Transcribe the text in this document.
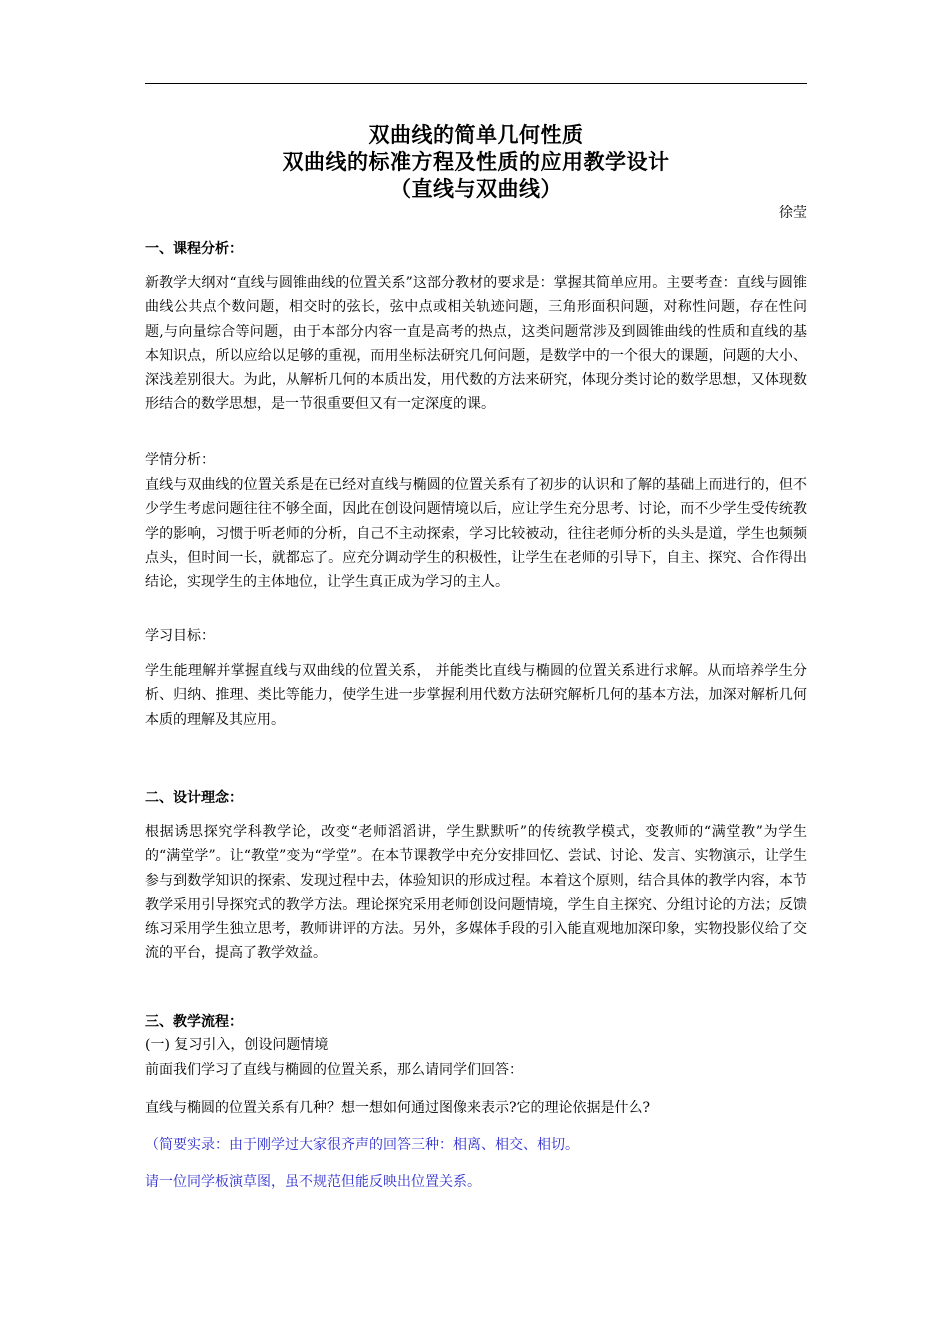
双曲线的简单几何性质
双曲线的标准方程及性质的应用教学设计
（直线与双曲线）
徐莹
一、课程分析：

新教学大纲对“直线与圆锥曲线的位置关系”这部分教材的要求是：掌握其简单应用。主要考查：直线与圆锥曲线公共点个数问题，相交时的弦长，弦中点或相关轨迹问题，三角形面积问题，对称性问题，存在性问题,与向量综合等问题，由于本部分内容一直是高考的热点，这类问题常涉及到圆锥曲线的性质和直线的基本知识点，所以应给以足够的重视，而用坐标法研究几何问题，是数学中的一个很大的课题，问题的大小、深浅差别很大。为此，从解析几何的本质出发，用代数的方法来研究，体现分类讨论的数学思想，又体现数形结合的数学思想，是一节很重要但又有一定深度的课。

学情分析：

直线与双曲线的位置关系是在已经对直线与椭圆的位置关系有了初步的认识和了解的基础上而进行的，但不少学生考虑问题往往不够全面，因此在创设问题情境以后，应让学生充分思考、讨论，而不少学生受传统教学的影响，习惯于听老师的分析，自己不主动探索，学习比较被动，往往老师分析的头头是道，学生也频频点头，但时间一长，就都忘了。应充分调动学生的积极性，让学生在老师的引导下，自主、探究、合作得出结论，实现学生的主体地位，让学生真正成为学习的主人。

学习目标：

学生能理解并掌握直线与双曲线的位置关系， 并能类比直线与椭圆的位置关系进行求解。从而培养学生分析、归纳、推理、类比等能力，使学生进一步掌握利用代数方法研究解析几何的基本方法，加深对解析几何本质的理解及其应用。

二、设计理念：

根据诱思探究学科教学论，改变“老师滔滔讲，学生默默听”的传统教学模式，变教师的“满堂教”为学生的“满堂学”。让“教堂”变为“学堂”。在本节课教学中充分安排回忆、尝试、讨论、发言、实物演示，让学生参与到数学知识的探索、发现过程中去，体验知识的形成过程。本着这个原则，结合具体的教学内容，本节教学采用引导探究式的教学方法。理论探究采用老师创设问题情境，学生自主探究、分组讨论的方法；反馈练习采用学生独立思考，教师讲评的方法。另外，多媒体手段的引入能直观地加深印象，实物投影仪给了交流的平台，提高了教学效益。

三、教学流程：
(一) 复习引入，创设问题情境
前面我们学习了直线与椭圆的位置关系，那么请同学们回答：
直线与椭圆的位置关系有几种？想一想如何通过图像来表示?它的理论依据是什么?
（简要实录：由于刚学过大家很齐声的回答三种：相离、相交、相切。
请一位同学板演草图，虽不规范但能反映出位置关系。
